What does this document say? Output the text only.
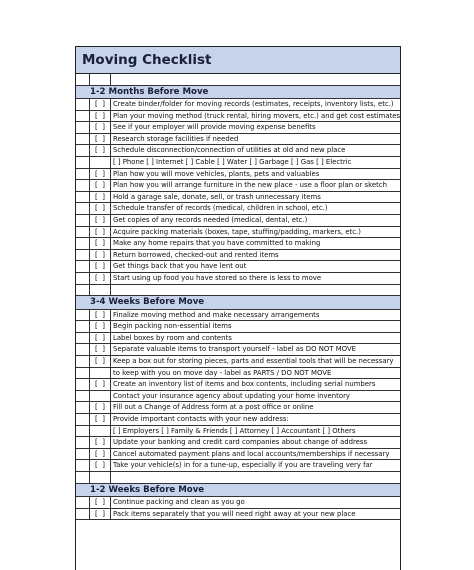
Moving Checklist
1-2 Months Before Move
[  ]	Create binder/folder for moving records (estimates, receipts, inventory lists, etc.)
[  ]	Plan your moving method (truck rental, hiring movers, etc.) and get cost estimates
[  ]	See if your employer will provide moving expense benefits
[  ]	Research storage facilities if needed
[  ]	Schedule disconnection/connection of utilities at old and new place
[ ] Phone [ ] Internet [ ] Cable [ ] Water [ ] Garbage [ ] Gas [ ] Electric
[  ]	Plan how you will move vehicles, plants, pets and valuables
[  ]	Plan how you will arrange furniture in the new place - use a floor plan or sketch
[  ]	Hold a garage sale, donate, sell, or trash unnecessary items
[  ]	Schedule transfer of records (medical, children in school, etc.)
[  ]	Get copies of any records needed (medical, dental, etc.)
[  ]	Acquire packing materials (boxes, tape, stuffing/padding, markers, etc.)
[  ]	Make any home repairs that you have committed to making
[  ]	Return borrowed, checked-out and rented items
[  ]	Get things back that you have lent out
[  ]	Start using up food you have stored so there is less to move
3-4 Weeks Before Move
[  ]	Finalize moving method and make necessary arrangements
[  ]	Begin packing non-essential items
[  ]	Label boxes by room and contents
[  ]	Separate valuable items to transport yourself - label as DO NOT MOVE
[  ]	Keep a box out for storing pieces, parts and essential tools that will be necessary
to keep with you on move day - label as PARTS / DO NOT MOVE
[  ]	Create an inventory list of items and box contents, including serial numbers
Contact your insurance agency about updating your home inventory
[  ]	Fill out a Change of Address form at a post office or online
[  ]	Provide important contacts with your new address:
[ ] Employers [ ] Family & Friends [ ] Attorney [ ] Accountant [ ] Others
[  ]	Update your banking and credit card companies about change of address
[  ]	Cancel automated payment plans and local accounts/memberships if necessary
[  ]	Take your vehicle(s) in for a tune-up, especially if you are traveling very far
1-2 Weeks Before Move
[  ]	Continue packing and clean as you go
[  ]	Pack items separately that you will need right away at your new place
